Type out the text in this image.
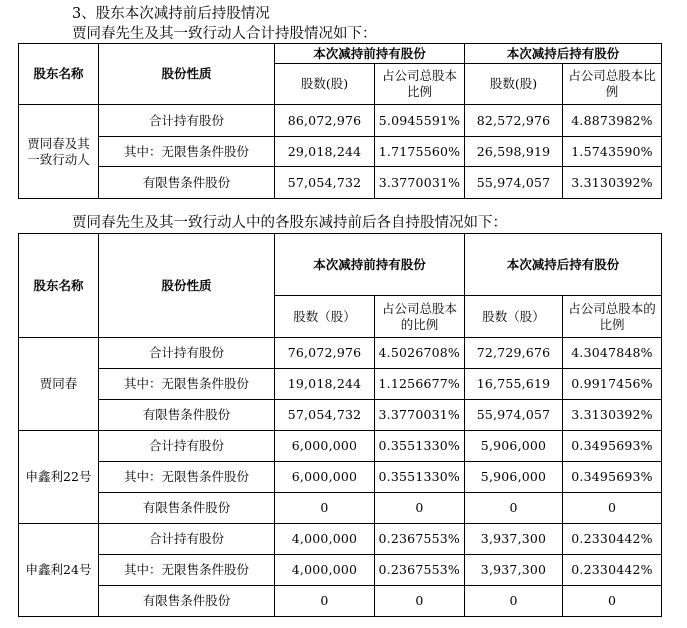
3、股东本次减持前后持股情况
贾同春先生及其一致行动人合计持股情况如下：
股东名称	股份性质	本次减持前持有股份		本次减持后持有股份	
		股数(股)	占公司总股本比例	股数(股)	占公司总股本比例
贾同春及其一致行动人	合计持有股份	86,072,976	5.0945591%	82,572,976	4.8873982%
	其中：无限售条件股份	29,018,244	1.7175560%	26,598,919	1.5743590%
	有限售条件股份	57,054,732	3.3770031%	55,974,057	3.3130392%
贾同春先生及其一致行动人中的各股东减持前后各自持股情况如下：
股东名称	股份性质	本次减持前持有股份		本次减持后持有股份	
		股数（股）	占公司总股本的比例	股数（股）	占公司总股本的比例
贾同春	合计持有股份	76,072,976	4.5026708%	72,729,676	4.3047848%
	其中：无限售条件股份	19,018,244	1.1256677%	16,755,619	0.9917456%
	有限售条件股份	57,054,732	3.3770031%	55,974,057	3.3130392%
申鑫利22号	合计持有股份	6,000,000	0.3551330%	5,906,000	0.3495693%
	其中：无限售条件股份	6,000,000	0.3551330%	5,906,000	0.3495693%
	有限售条件股份	0	0	0	0
申鑫利24号	合计持有股份	4,000,000	0.2367553%	3,937,300	0.2330442%
	其中：无限售条件股份	4,000,000	0.2367553%	3,937,300	0.2330442%
	有限售条件股份	0	0	0	0
